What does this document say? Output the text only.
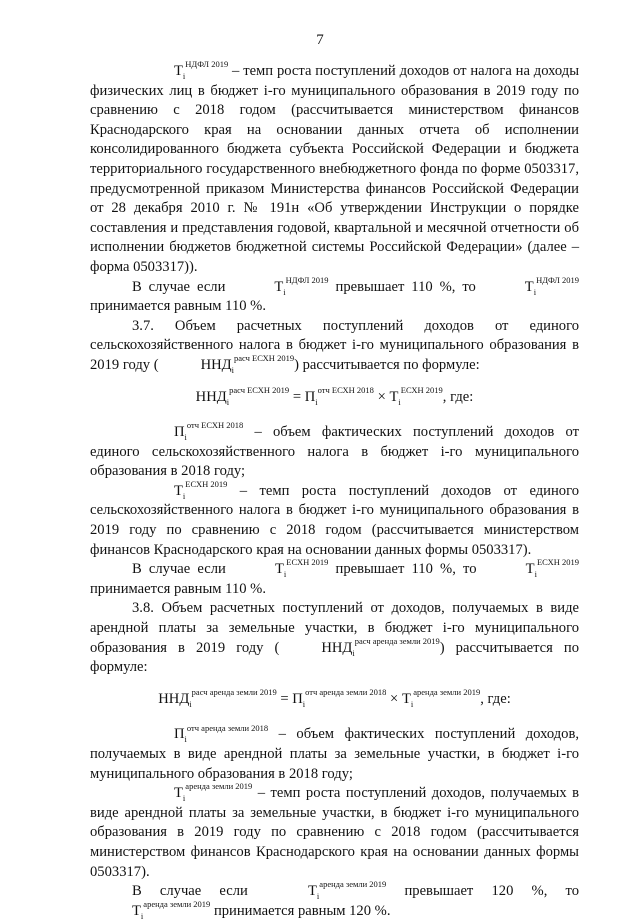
7

$T_i^{НДФЛ 2019}$ – темп роста поступлений доходов от налога на доходы физических лиц в бюджет i-го муниципального образования в 2019 году по сравнению с 2018 годом (рассчитывается министерством финансов Краснодарского края на основании данных отчета об исполнении консолидированного бюджета субъекта Российской Федерации и бюджета территориального государственного внебюджетного фонда по форме 0503317, предусмотренной приказом Министерства финансов Российской Федерации от 28 декабря 2010 г. № 191н «Об утверждении Инструкции о порядке составления и представления годовой, квартальной и месячной отчетности об исполнении бюджетов бюджетной системы Российской Федерации» (далее – форма 0503317)).

В случае если	$T_i^{НДФЛ 2019}$ превышает 110 %, то	$T_i^{НДФЛ 2019}принимается$ равным 110 %.

3.7. Объем расчетных поступлений доходов от единого сельскохозяйственного налога в бюджет i-го муниципального образования в 2019 году (	$ННД_i^{расч ЕСХН 2019}$) рассчитывается по формуле:

$ННД_i^{расч ЕСХН 2019} = П_i^{отч ЕСХН 2018} \times T_i^{ЕСХН 2019}$, где:

$П_i^{отч ЕСХН 2018}$ – объем фактических поступлений доходов от единого сельскохозяйственного налога в бюджет i-го муниципального образования в 2018 году;

$T_i^{ЕСХН 2019}$ – темп роста поступлений доходов от единого сельскохозяйственного налога в бюджет i-го муниципального образования в 2019 году по сравнению с 2018 годом (рассчитывается министерством финансов Краснодарского края на основании данных формы 0503317).

В случае если	$T_i^{ЕСХН 2019}$ превышает 110 %, то	$T_i^{ЕСХН 2019}$ принимается равным 110 %.

3.8. Объем расчетных поступлений от доходов, получаемых в виде арендной платы за земельные участки, в бюджет i-го муниципального образования в 2019 году (	$ННД_i^{расч аренда земли 2019}$) рассчитывается по формуле:

$ННД_i^{расч аренда земли 2019} = П_i^{отч аренда земли 2018} \times T_i^{аренда земли 2019}$, где:

$П_i^{отч аренда земли 2018}$ – объем фактических поступлений доходов, получаемых в виде арендной платы за земельные участки, в бюджет i-го муниципального образования в 2018 году;

$T_i^{аренда земли 2019}$ – темп роста поступлений доходов, получаемых в виде арендной платы за земельные участки, в бюджет i-го муниципального образования в 2019 году по сравнению с 2018 годом (рассчитывается министерством финансов Краснодарского края на основании данных формы 0503317).

В случае если	$T_i^{аренда земли 2019}$ превышает 120 %, то $T_i^{аренда земли 2019}$ принимается равным 120 %.
